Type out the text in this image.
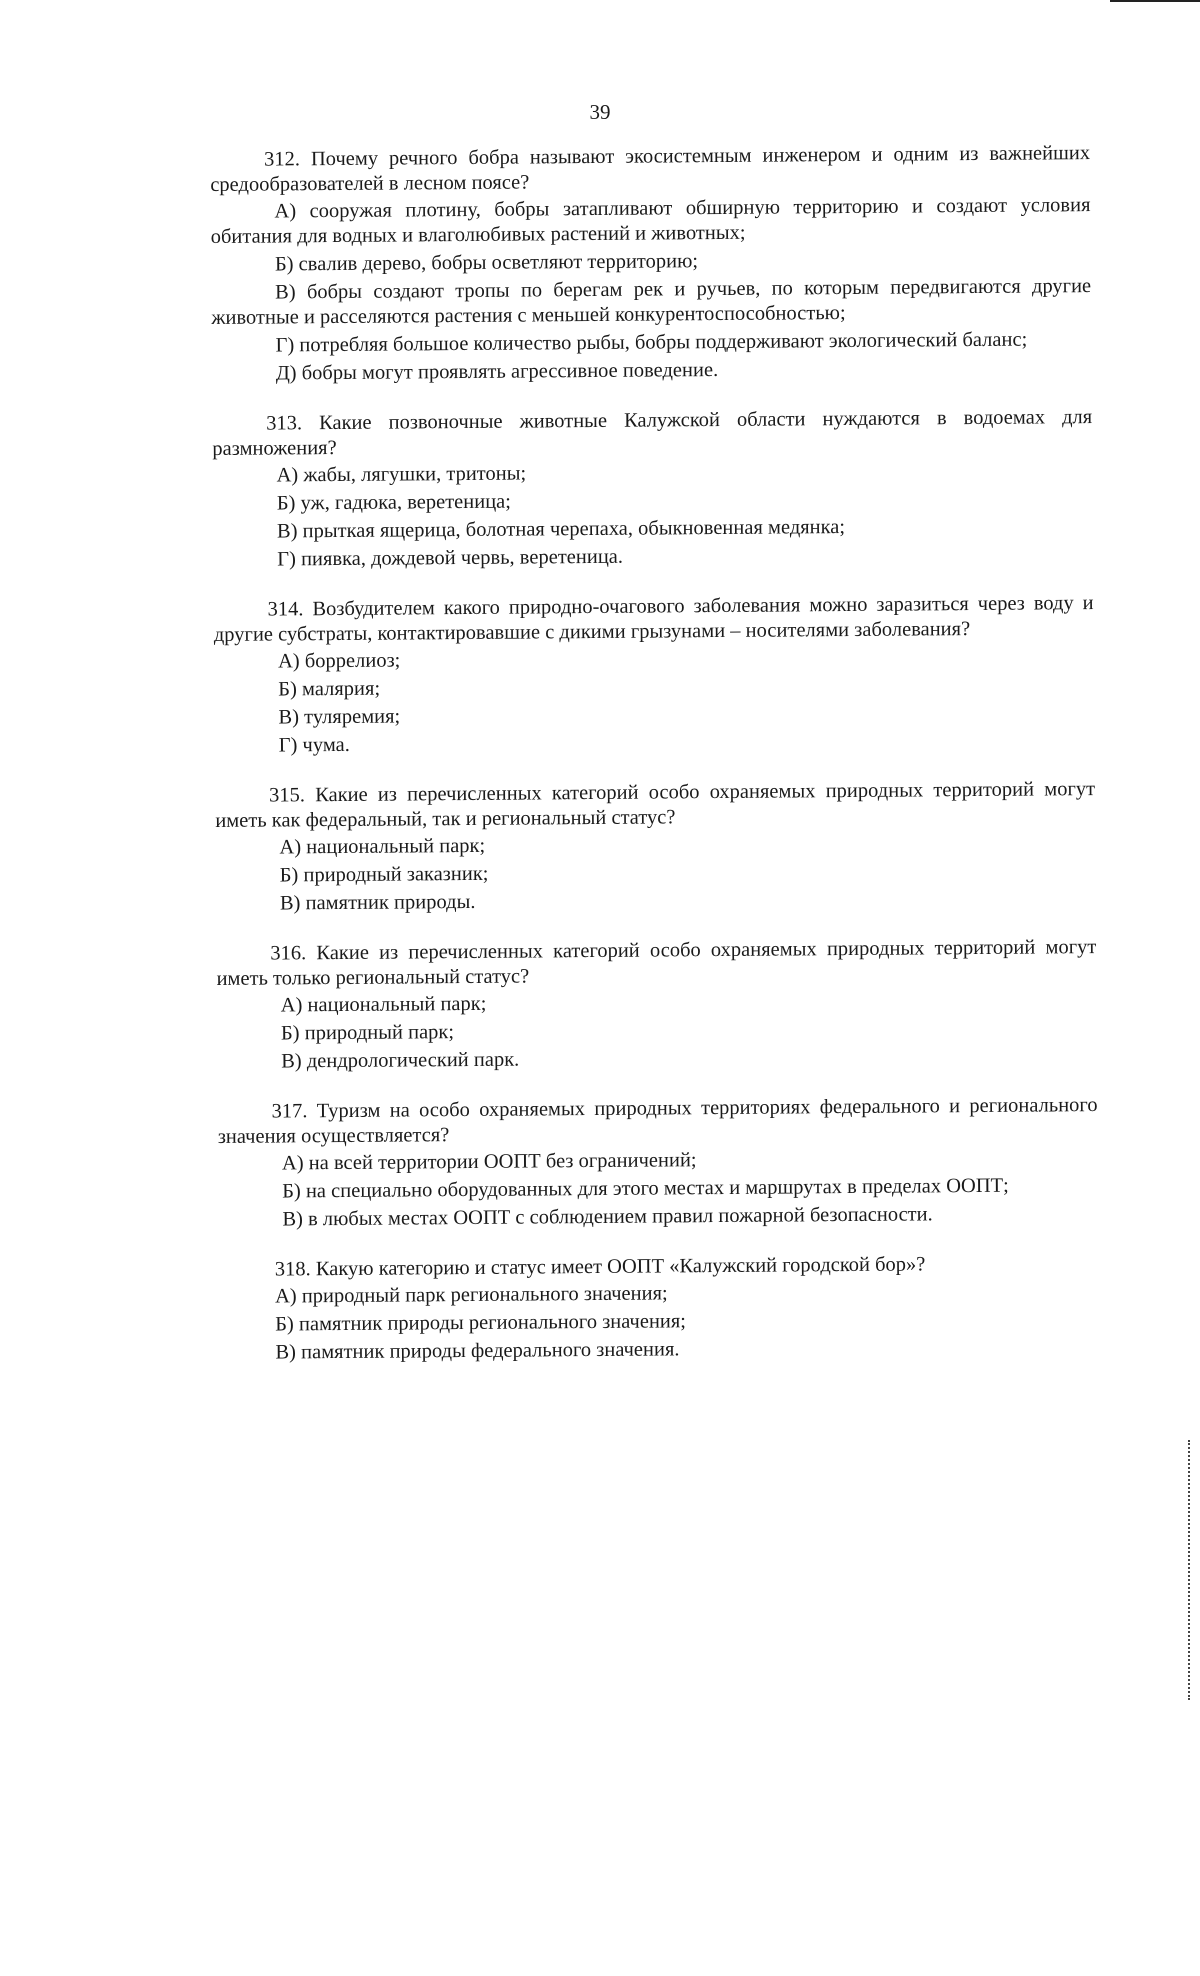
39

312. Почему речного бобра называют экосистемным инженером и одним из важнейших средообразователей в лесном поясе?

А) сооружая плотину, бобры затапливают обширную территорию и создают условия обитания для водных и влаголюбивых растений и животных;
Б) свалив дерево, бобры осветляют территорию;
В) бобры создают тропы по берегам рек и ручьев, по которым передвигаются другие животные и расселяются растения с меньшей конкурентоспособностью;
Г) потребляя большое количество рыбы, бобры поддерживают экологический баланс;
Д) бобры могут проявлять агрессивное поведение.

313. Какие позвоночные животные Калужской области нуждаются в водоемах для размножения?

А) жабы, лягушки, тритоны;
Б) уж, гадюка, веретеница;
В) прыткая ящерица, болотная черепаха, обыкновенная медянка;
Г) пиявка, дождевой червь, веретеница.

314. Возбудителем какого природно-очагового заболевания можно заразиться через воду и другие субстраты, контактировавшие с дикими грызунами – носителями заболевания?

А) боррелиоз;
Б) малярия;
В) туляремия;
Г) чума.

315. Какие из перечисленных категорий особо охраняемых природных территорий могут иметь как федеральный, так и региональный статус?

А) национальный парк;
Б) природный заказник;
В) памятник природы.

316. Какие из перечисленных категорий особо охраняемых природных территорий могут иметь только региональный статус?

А) национальный парк;
Б) природный парк;
В) дендрологический парк.

317. Туризм на особо охраняемых природных территориях федерального и регионального значения осуществляется?

А) на всей территории ООПТ без ограничений;
Б) на специально оборудованных для этого местах и маршрутах в пределах ООПТ;
В) в любых местах ООПТ с соблюдением правил пожарной безопасности.

318. Какую категорию и статус имеет ООПТ «Калужский городской бор»?

А) природный парк регионального значения;
Б) памятник природы регионального значения;
В) памятник природы федерального значения.
